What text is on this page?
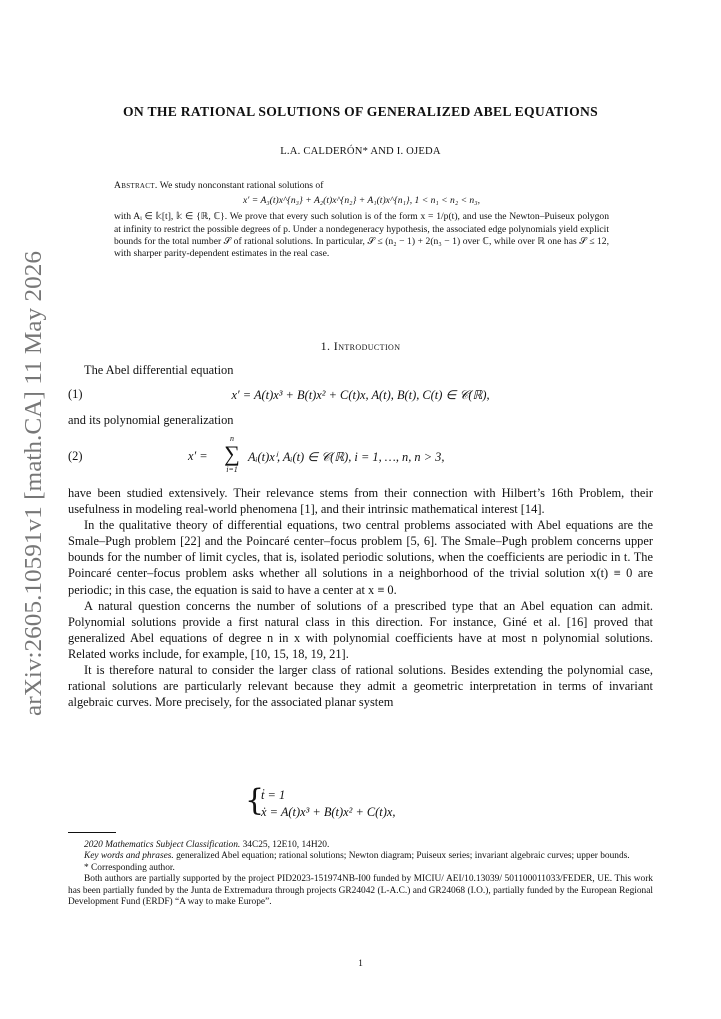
arXiv:2605.10591v1 [math.CA] 11 May 2026
ON THE RATIONAL SOLUTIONS OF GENERALIZED ABEL EQUATIONS
L.A. CALDERÓN* AND I. OJEDA
Abstract. We study nonconstant rational solutions of
x′ = A₃(t)x^{n₃} + A₂(t)x^{n₂} + A₁(t)x^{n₁}, 1 < n₁ < n₂ < n₃,
with Aᵢ ∈ 𝕜[t], 𝕜 ∈ {ℝ, ℂ}. We prove that every such solution is of the form x = 1/p(t), and use the Newton–Puiseux polygon at infinity to restrict the possible degrees of p. Under a nondegeneracy hypothesis, the associated edge polynomials yield explicit bounds for the total number 𝒮 of rational solutions. In particular, 𝒮 ≤ (n₂ − 1) + 2(n₃ − 1) over ℂ, while over ℝ one has 𝒮 ≤ 12, with sharper parity-dependent estimates in the real case.
1. Introduction

The Abel differential equation

(1)	x′ = A(t)x³ + B(t)x² + C(t)x, A(t), B(t), C(t) ∈ 𝒞(ℝ),

and its polynomial generalization

(2)	x′ =
n
∑
i=1
Aᵢ(t)xⁱ, Aᵢ(t) ∈ 𝒞(ℝ), i = 1, …, n, n > 3,

have been studied extensively. Their relevance stems from their connection with Hilbert’s 16th Problem, their usefulness in modeling real-world phenomena [1], and their intrinsic mathematical interest [14].

In the qualitative theory of differential equations, two central problems associated with Abel equations are the Smale–Pugh problem [22] and the Poincaré center–focus problem [5, 6]. The Smale–Pugh problem concerns upper bounds for the number of limit cycles, that is, isolated periodic solutions, when the coefficients are periodic in t. The Poincaré center–focus problem asks whether all solutions in a neighborhood of the trivial solution x(t) ≡ 0 are periodic; in this case, the equation is said to have a center at x ≡ 0.

A natural question concerns the number of solutions of a prescribed type that an Abel equation can admit. Polynomial solutions provide a first natural class in this direction. For instance, Giné et al. [16] proved that generalized Abel equations of degree n in x with polynomial coefficients have at most n polynomial solutions. Related works include, for example, [10, 15, 18, 19, 21].

It is therefore natural to consider the larger class of rational solutions. Besides extending the polynomial case, rational solutions are particularly relevant because they admit a geometric interpretation in terms of invariant algebraic curves. More precisely, for the associated planar system

{
ṫ = 1
ẋ = A(t)x³ + B(t)x² + C(t)x,

2020 Mathematics Subject Classification. 34C25, 12E10, 14H20.

Key words and phrases. generalized Abel equation; rational solutions; Newton diagram; Puiseux series; invariant algebraic curves; upper bounds.

* Corresponding author.

Both authors are partially supported by the project PID2023-151974NB-I00 funded by MICIU/ AEI/10.13039/ 501100011033/FEDER, UE. This work has been partially funded by the Junta de Extremadura through projects GR24042 (L-A.C.) and GR24068 (I.O.), partially funded by the European Regional Development Fund (ERDF) “A way to make Europe”.

1
